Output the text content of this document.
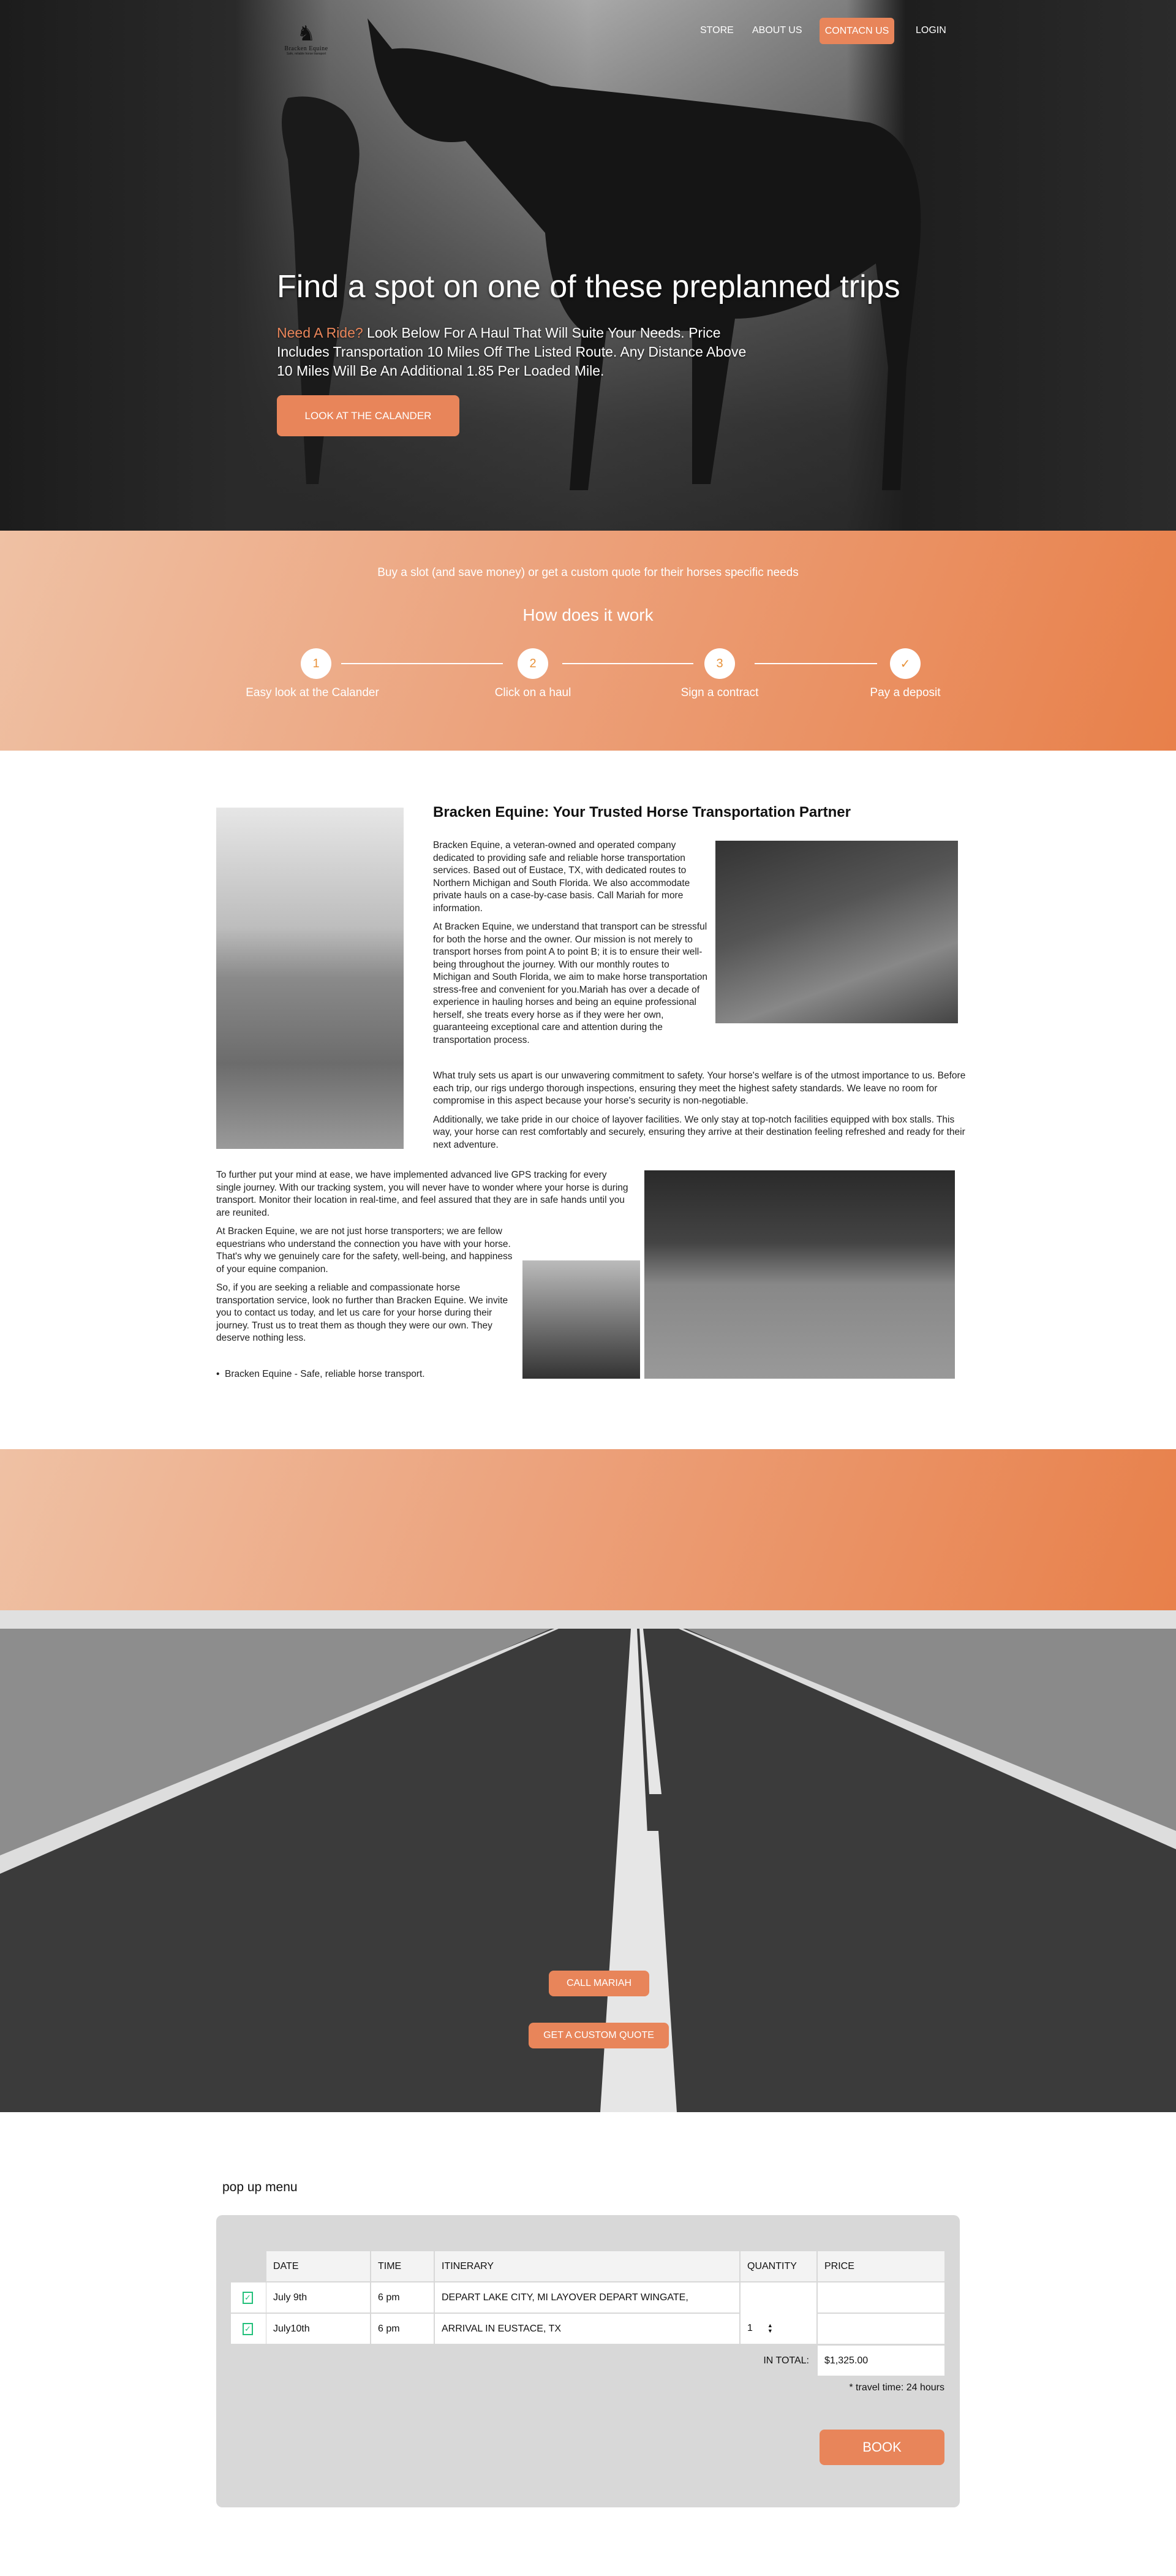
♞
Bracken Equine
Safe, reliable horse transport
STORE ABOUT US	CONTACN US	LOGIN
Find a spot on one of these preplanned trips
Need A Ride? Look Below For A Haul That Will Suite Your Needs. Price Includes Transportation 10 Miles Off The Listed Route. Any Distance Above 10 Miles Will Be An Additional 1.85 Per Loaded Mile.
LOOK AT THE CALANDER
Buy a slot (and save money) or get a custom quote for their horses specific needs
How does it work
1	2	3	✓
Easy look at the Calander	Click on a haul	Sign a contract	Pay a deposit
Bracken Equine: Your Trusted Horse Transportation Partner

Bracken Equine, a veteran-owned and operated company dedicated to providing safe and reliable horse transportation services. Based out of Eustace, TX, with dedicated routes to Northern Michigan and South Florida. We also accommodate private hauls on a case-by-case basis. Call Mariah for more information.

At Bracken Equine, we understand that transport can be stressful for both the horse and the owner. Our mission is not merely to transport horses from point A to point B; it is to ensure their well-being throughout the journey. With our monthly routes to Michigan and South Florida, we aim to make horse transportation stress-free and convenient for you.Mariah has over a decade of experience in hauling horses and being an equine professional herself, she treats every horse as if they were her own, guaranteeing exceptional care and attention during the transportation process.

What truly sets us apart is our unwavering commitment to safety. Your horse's welfare is of the utmost importance to us. Before each trip, our rigs undergo thorough inspections, ensuring they meet the highest safety standards. We leave no room for compromise in this aspect because your horse's security is non-negotiable.

Additionally, we take pride in our choice of layover facilities. We only stay at top-notch facilities equipped with box stalls. This way, your horse can rest comfortably and securely, ensuring they arrive at their destination feeling refreshed and ready for their next adventure.

To further put your mind at ease, we have implemented advanced live GPS tracking for every single journey. With our tracking system, you will never have to wonder where your horse is during transport. Monitor their location in real-time, and feel assured that they are in safe hands until you are reunited.

At Bracken Equine, we are not just horse transporters; we are fellow equestrians who understand the connection you have with your horse. That's why we genuinely care for the safety, well-being, and happiness of your equine companion.

So, if you are seeking a reliable and compassionate horse transportation service, look no further than Bracken Equine. We invite you to contact us today, and let us care for your horse during their journey. Trust us to treat them as though they were our own. They deserve nothing less.

•  Bracken Equine - Safe, reliable horse transport.
CALL MARIAH
GET A CUSTOM QUOTE
pop up menu
DATE	TIME	ITINERARY	QUANTITY	PRICE
✓	July 9th	6 pm	DEPART LAKE CITY, MI LAYOVER DEPART WINGATE,
✓	July10th	6 pm	ARRIVAL IN EUSTACE, TX	1	▲
▼
IN TOTAL:	$1,325.00
* travel time: 24 hours
BOOK
